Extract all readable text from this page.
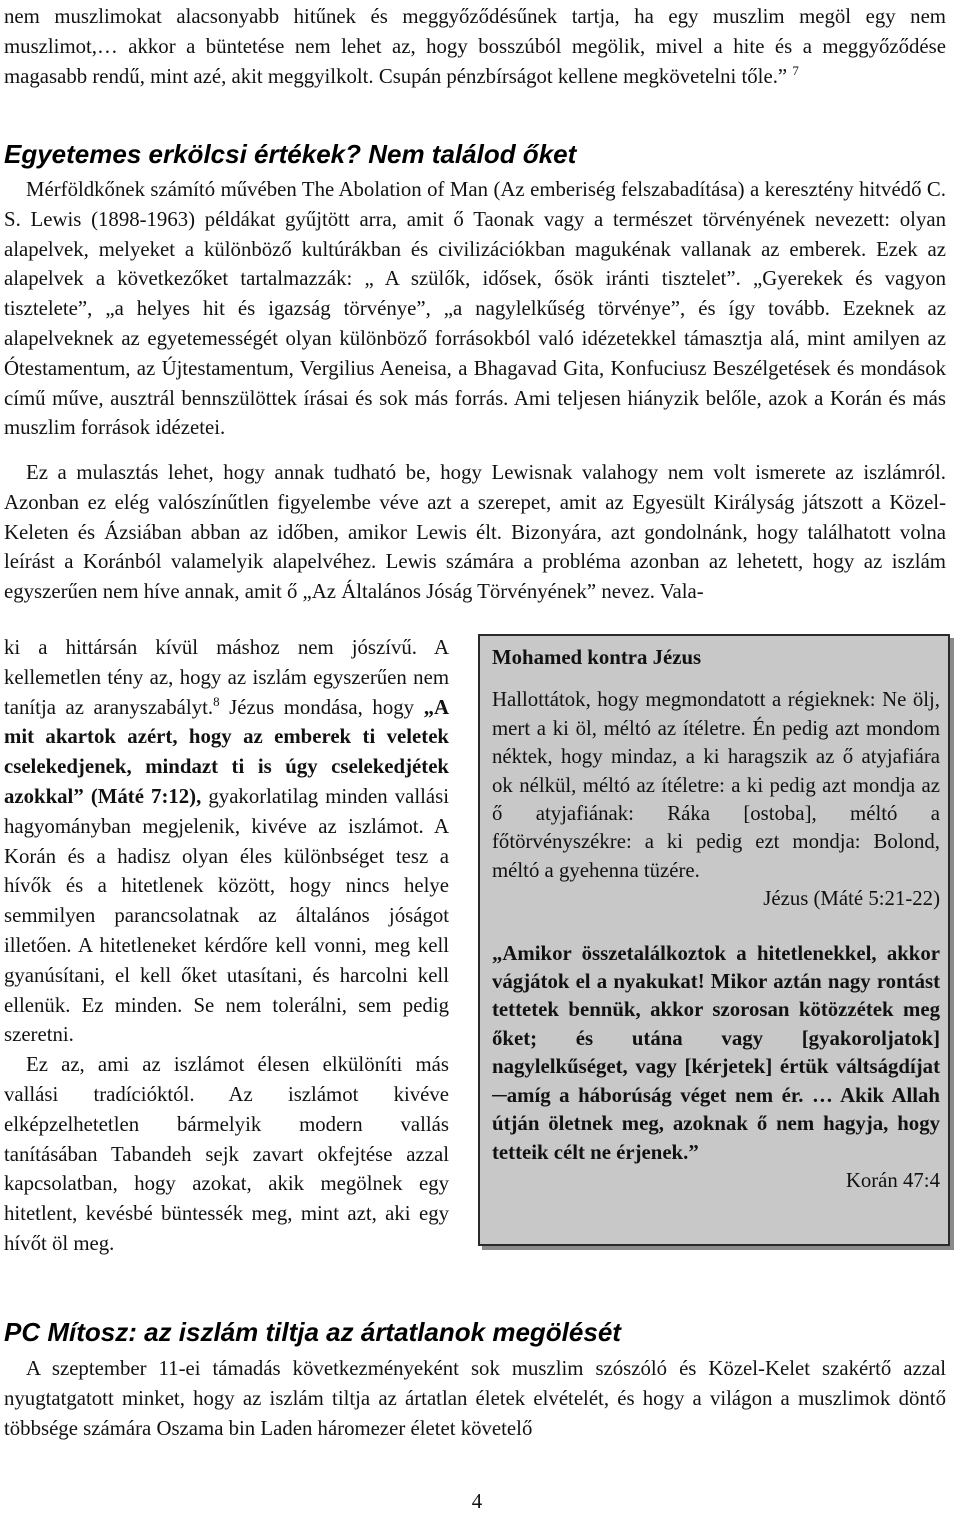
nem muszlimokat alacsonyabb hitűnek és meggyőződésűnek tartja, ha egy muszlim megöl egy nem muszlimot,… akkor a büntetése nem lehet az, hogy bosszúból megölik, mivel a hite és a meggyőződése magasabb rendű, mint azé, akit meggyilkolt. Csupán pénzbírságot kellene megkövetelni tőle.” $^7$

Egyetemes erkölcsi értékek? Nem találod őket

Mérföldkőnek számító művében The Abolation of Man (Az emberiség felszabadítása) a keresztény hitvédő C. S. Lewis (1898-1963) példákat gyűjtött arra, amit ő Taonak vagy a természet törvényének nevezett: olyan alapelvek, melyeket a különböző kultúrákban és civilizációkban magukénak vallanak az emberek. Ezek az alapelvek a következőket tartalmazzák: „ A szülők, idősek, ősök iránti tisztelet”. „Gyerekek és vagyon tisztelete”, „a helyes hit és igazság törvénye”, „a nagylelkűség törvénye”, és így tovább. Ezeknek az alapelveknek az egyetemességét olyan különböző forrásokból való idézetekkel támasztja alá, mint amilyen az Ótestamentum, az Újtestamentum, Vergilius Aeneisa, a Bhagavad Gita, Konfuciusz Beszélgetések és mondások című műve, ausztrál bennszülöttek írásai és sok más forrás. Ami teljesen hiányzik belőle, azok a Korán és más muszlim források idézetei.

Ez a mulasztás lehet, hogy annak tudható be, hogy Lewisnak valahogy nem volt ismerete az iszlámról. Azonban ez elég valószínűtlen figyelembe véve azt a szerepet, amit az Egyesült Királyság játszott a Közel-Keleten és Ázsiában abban az időben, amikor Lewis élt. Bizonyára, azt gondolnánk, hogy találhatott volna leírást a Koránból valamelyik alapelvéhez. Lewis számára a probléma azonban az lehetett, hogy az iszlám egyszerűen nem híve annak, amit ő „Az Általános Jóság Törvényének” nevez. Vala-

ki a hittársán kívül máshoz nem jószívű. A kellemetlen tény az, hogy az iszlám egyszerűen nem tanítja az aranyszabályt.$^8$ Jézus mondása, hogy „A mit akartok azért, hogy az emberek ti veletek cselekedjenek, mindazt ti is úgy cselekedjétek azokkal” (Máté 7:12), gyakorlatilag minden vallási hagyományban megjelenik, kivéve az iszlámot. A Korán és a hadisz olyan éles különbséget tesz a hívők és a hitetlenek között, hogy nincs helye semmilyen parancsolatnak az általános jóságot illetően. A hitetleneket kérdőre kell vonni, meg kell gyanúsítani, el kell őket utasítani, és harcolni kell ellenük. Ez minden. Se nem tolerálni, sem pedig szeretni.

Ez az, ami az iszlámot élesen elkülöníti más vallási tradícióktól. Az iszlámot kivéve elképzelhetetlen bármelyik modern vallás tanításában Tabandeh sejk zavart okfejtése azzal kapcsolatban, hogy azokat, akik megölnek egy hitetlent, kevésbé büntessék meg, mint azt, aki egy hívőt öl meg.

Mohamed kontra Jézus

Hallottátok, hogy megmondatott a régieknek: Ne ölj, mert a ki öl, méltó az ítéletre. Én pedig azt mondom néktek, hogy mindaz, a ki haragszik az ő atyjafiára ok nélkül, méltó az ítéletre: a ki pedig azt mondja az ő atyjafiának: Ráka [ostoba], méltó a főtörvényszékre: a ki pedig ezt mondja: Bolond, méltó a gyehenna tüzére.

Jézus (Máté 5:21-22)

„Amikor összetalálkoztok a hitetlenekkel, akkor vágjátok el a nyakukat! Mikor aztán nagy rontást tettetek bennük, akkor szorosan kötözzétek meg őket; és utána vagy [gyakoroljatok] nagylelkűséget, vagy [kérjetek] értük váltságdíjat─amíg a háborúság véget nem ér. … Akik Allah útján öletnek meg, azoknak ő nem hagyja, hogy tetteik célt ne érjenek.”

Korán 47:4

PC Mítosz: az iszlám tiltja az ártatlanok megölését

A szeptember 11-ei támadás következményeként sok muszlim szószóló és Közel-Kelet szakértő azzal nyugtatgatott minket, hogy az iszlám tiltja az ártatlan életek elvételét, és hogy a világon a muszlimok döntő többsége számára Oszama bin Laden háromezer életet követelő

4
